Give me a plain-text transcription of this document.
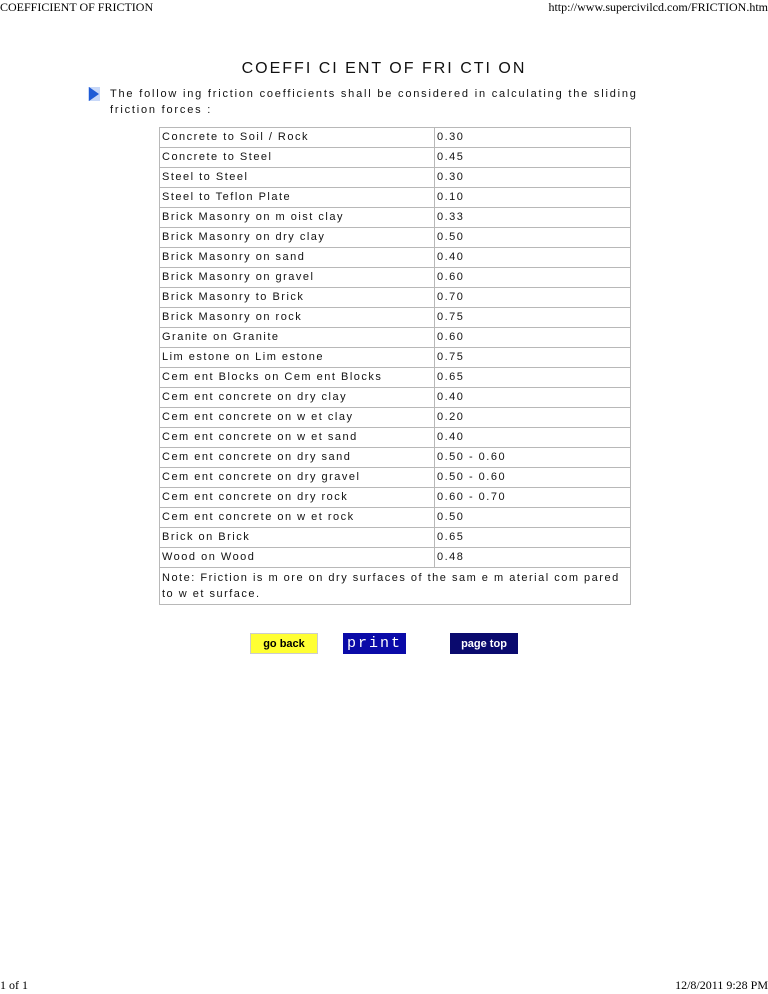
COEFFICIENT OF FRICTION	http://www.supercivilcd.com/FRICTION.htm
COEFFI CI ENT OF FRI CTI ON
The follow ing friction coefficients shall be considered in calculating the sliding friction forces :
Concrete to Soil / Rock	0.30
Concrete to Steel	0.45
Steel to Steel	0.30
Steel to Teflon Plate	0.10
Brick Masonry on m oist clay	0.33
Brick Masonry on dry clay	0.50
Brick Masonry on sand	0.40
Brick Masonry on gravel	0.60
Brick Masonry to Brick	0.70
Brick Masonry on rock	0.75
Granite on Granite	0.60
Lim estone on Lim estone	0.75
Cem ent Blocks on Cem ent Blocks	0.65
Cem ent concrete on dry clay	0.40
Cem ent concrete on w et clay	0.20
Cem ent concrete on w et sand	0.40
Cem ent concrete on dry sand	0.50 - 0.60
Cem ent concrete on dry gravel	0.50 - 0.60
Cem ent concrete on dry rock	0.60 - 0.70
Cem ent concrete on w et rock	0.50
Brick on Brick	0.65
Wood on Wood	0.48
Note: Friction is m ore on dry surfaces of the sam e m aterial com pared to w et surface.	
go back	print	page top
1 of 1	12/8/2011 9:28 PM
